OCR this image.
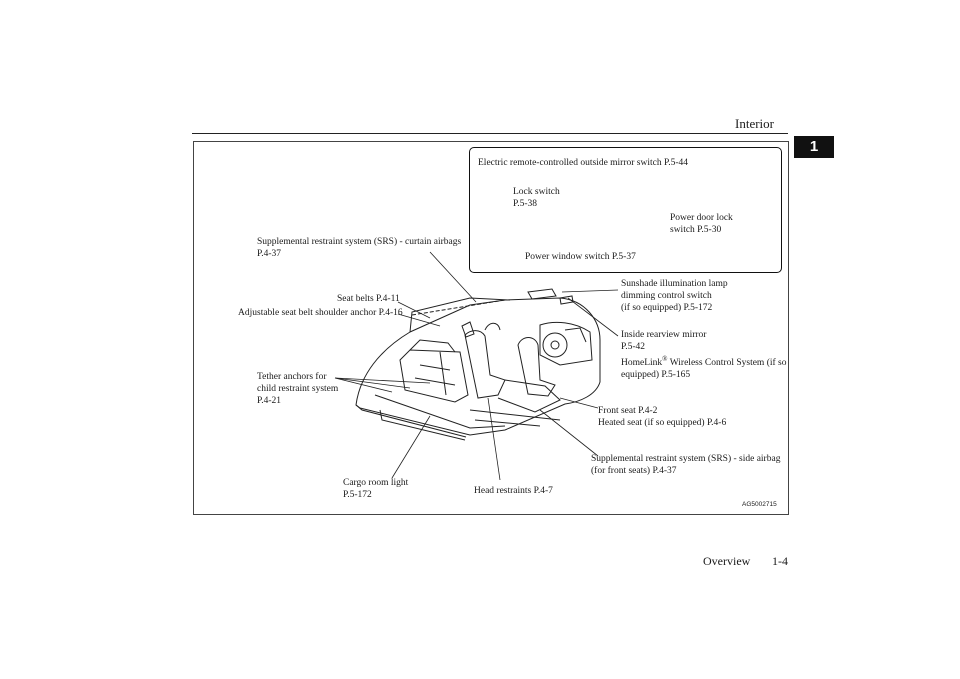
Interior
1
Electric remote-controlled outside mirror switch P.5-44
Lock switch
P.5-38
Power door lock
switch P.5-30
Power window switch P.5-37
Supplemental restraint system (SRS) - curtain airbags
P.4-37
Seat belts P.4-11
Adjustable seat belt shoulder anchor P.4-16
Tether anchors for
child restraint system
P.4-21
Cargo room light
P.5-172	Head restraints P.4-7
Sunshade illumination lamp
dimming control switch
(if so equipped) P.5-172
Inside rearview mirror
P.5-42
HomeLink® Wireless Control System (if so
equipped) P.5-165
Front seat P.4-2
Heated seat (if so equipped) P.4-6
Supplemental restraint system (SRS) - side airbag
(for front seats) P.4-37
AG5002715
Overview 1-4
